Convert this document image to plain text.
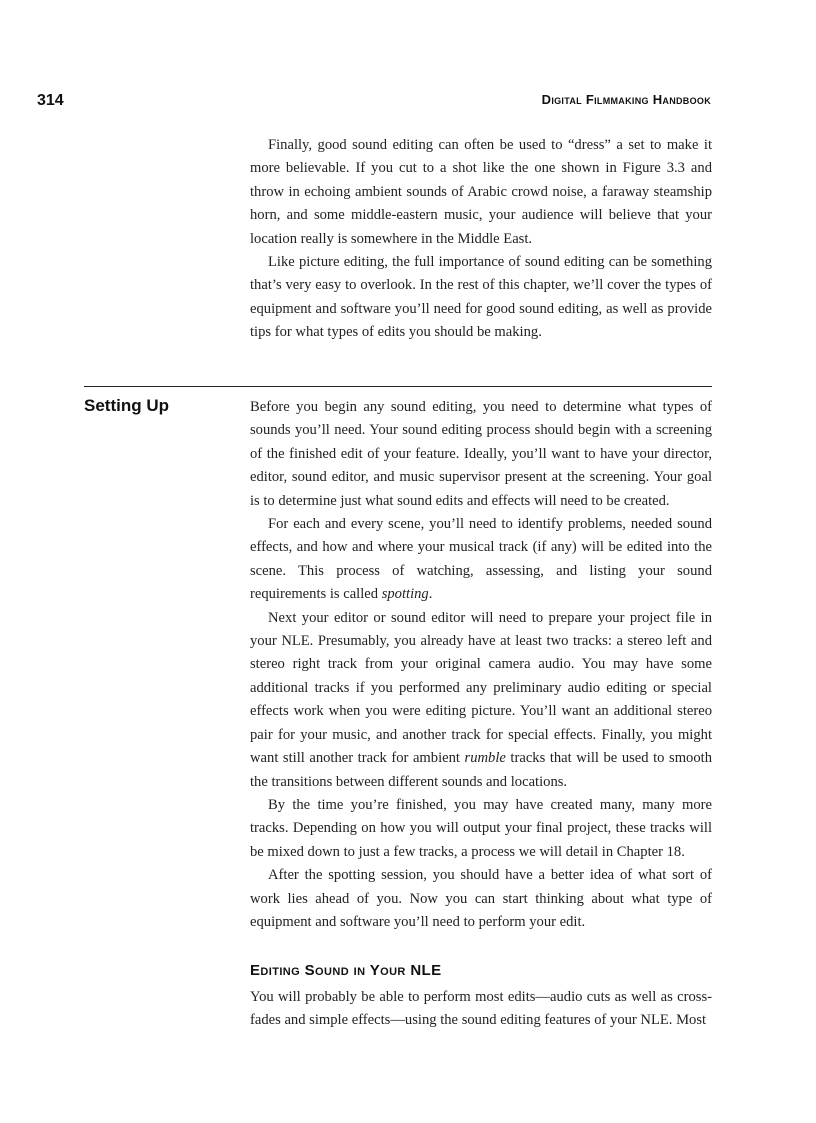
314	Digital Filmmaking Handbook

Finally, good sound editing can often be used to “dress” a set to make it more believable. If you cut to a shot like the one shown in Figure 3.3 and throw in echoing ambient sounds of Arabic crowd noise, a faraway steamship horn, and some middle-eastern music, your audience will believe that your location really is somewhere in the Middle East.

Like picture editing, the full importance of sound editing can be something that’s very easy to overlook. In the rest of this chapter, we’ll cover the types of equipment and software you’ll need for good sound editing, as well as provide tips for what types of edits you should be making.

Setting Up	Before you begin any sound editing, you need to determine what types of sounds you’ll need. Your sound editing process should begin with a screening of the finished edit of your feature. Ideally, you’ll want to have your director, editor, sound editor, and music supervisor present at the screening. Your goal is to determine just what sound edits and effects will need to be created.

For each and every scene, you’ll need to identify problems, needed sound effects, and how and where your musical track (if any) will be edited into the scene. This process of watching, assessing, and listing your sound requirements is called spotting.

Next your editor or sound editor will need to prepare your project file in your NLE. Presumably, you already have at least two tracks: a stereo left and stereo right track from your original camera audio. You may have some additional tracks if you performed any preliminary audio editing or special effects work when you were editing picture. You’ll want an additional stereo pair for your music, and another track for special effects. Finally, you might want still another track for ambient rumble tracks that will be used to smooth the transitions between different sounds and locations.

By the time you’re finished, you may have created many, many more tracks. Depending on how you will output your final project, these tracks will be mixed down to just a few tracks, a process we will detail in Chapter 18.

After the spotting session, you should have a better idea of what sort of work lies ahead of you. Now you can start thinking about what type of equipment and software you’ll need to perform your edit.

Editing Sound in Your NLE

You will probably be able to perform most edits—audio cuts as well as cross-fades and simple effects—using the sound editing features of your NLE. Most
